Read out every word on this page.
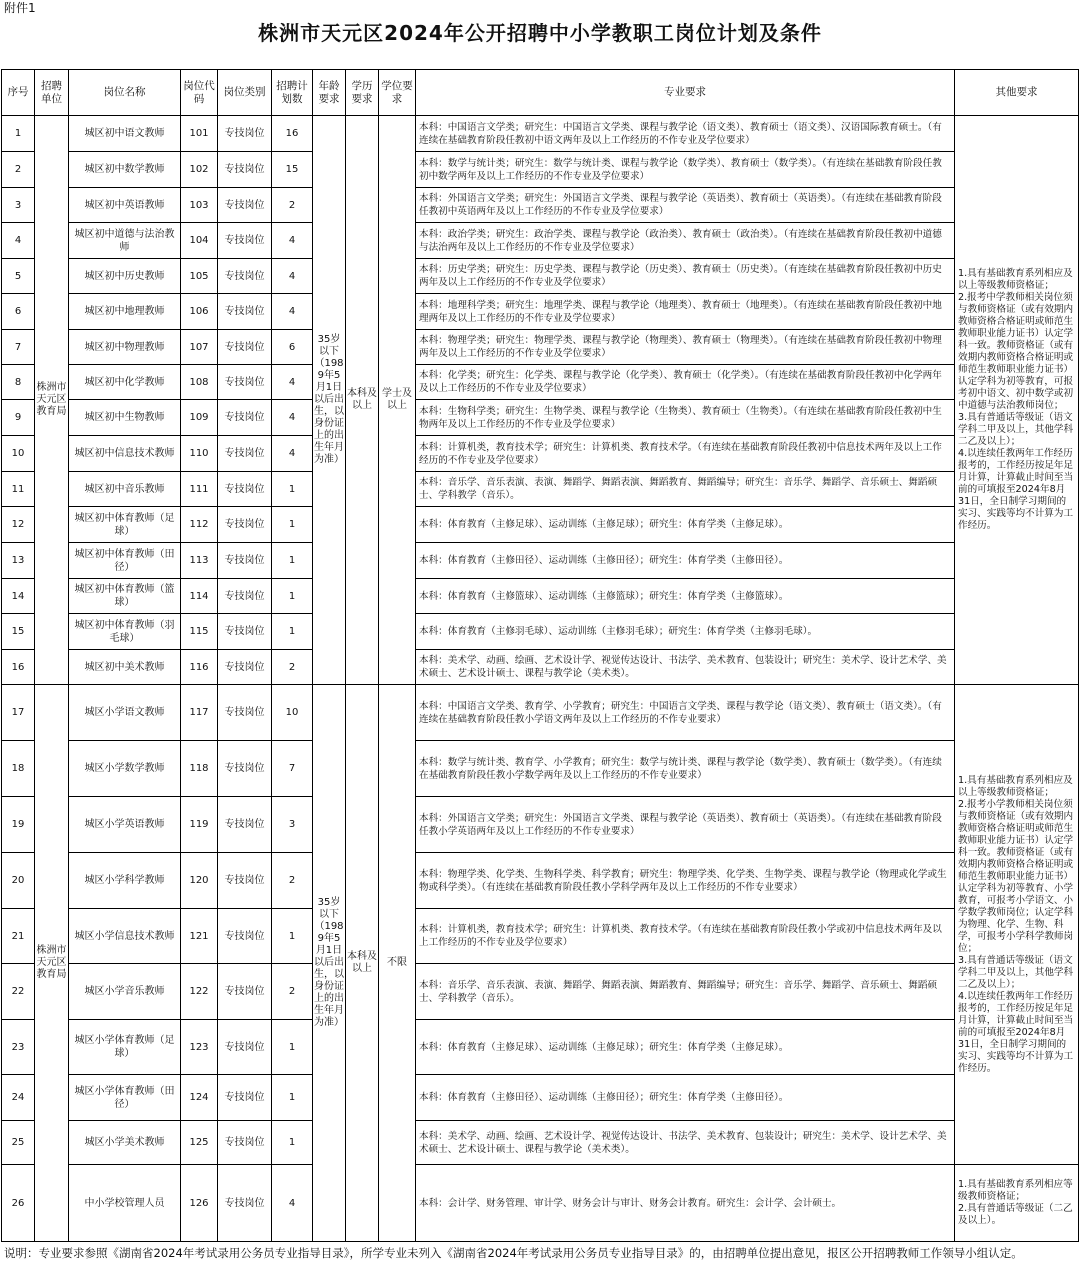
附件1
株洲市天元区2024年公开招聘中小学教职工岗位计划及条件
序号	招聘单位	岗位名称	岗位代码	岗位类别	招聘计划数	年龄要求	学历要求	学位要求	专业要求	其他要求
1	株洲市天元区教育局	城区初中语文教师	101	专技岗位	16	35岁以下（1989年5月1日以后出生，以身份证上的出生年月为准）	本科及以上	学士及以上	本科：中国语言文学类；研究生：中国语言文学类、课程与教学论（语文类）、教育硕士（语文类）、汉语国际教育硕士。（有连续在基础教育阶段任教初中语文两年及以上工作经历的不作专业及学位要求）	1.具有基础教育系列相应及以上等级教师资格证；
2.报考中学教师相关岗位须与教师资格证（或有效期内教师资格合格证明或师范生教师职业能力证书）认定学科一致。教师资格证（或有效期内教师资格合格证明或师范生教师职业能力证书）认定学科为初等教育，可报考初中语文、初中数学或初中道德与法治教师岗位；
3.具有普通话等级证（语文学科二甲及以上，其他学科二乙及以上）；
4.以连续任教两年工作经历报考的，工作经历按足年足月计算，计算截止时间至当前的可填报至2024年8月31日，全日制学习期间的实习、实践等均不计算为工作经历。
2		城区初中数学教师	102	专技岗位	15				本科：数学与统计类；研究生：数学与统计类、课程与教学论（数学类）、教育硕士（数学类）。（有连续在基础教育阶段任教初中数学两年及以上工作经历的不作专业及学位要求）	
3		城区初中英语教师	103	专技岗位	2				本科：外国语言文学类；研究生：外国语言文学类、课程与教学论（英语类）、教育硕士（英语类）。（有连续在基础教育阶段任教初中英语两年及以上工作经历的不作专业及学位要求）	
4		城区初中道德与法治教师	104	专技岗位	4				本科：政治学类；研究生：政治学类、课程与教学论（政治类）、教育硕士（政治类）。（有连续在基础教育阶段任教初中道德与法治两年及以上工作经历的不作专业及学位要求）	
5		城区初中历史教师	105	专技岗位	4				本科：历史学类；研究生：历史学类、课程与教学论（历史类）、教育硕士（历史类）。（有连续在基础教育阶段任教初中历史两年及以上工作经历的不作专业及学位要求）	
6		城区初中地理教师	106	专技岗位	4				本科：地理科学类；研究生：地理学类、课程与教学论（地理类）、教育硕士（地理类）。（有连续在基础教育阶段任教初中地理两年及以上工作经历的不作专业及学位要求）	
7		城区初中物理教师	107	专技岗位	6				本科：物理学类；研究生：物理学类、课程与教学论（物理类）、教育硕士（物理类）。（有连续在基础教育阶段任教初中物理两年及以上工作经历的不作专业及学位要求）	
8		城区初中化学教师	108	专技岗位	4				本科：化学类；研究生：化学类、课程与教学论（化学类）、教育硕士（化学类）。（有连续在基础教育阶段任教初中化学两年及以上工作经历的不作专业及学位要求）	
9		城区初中生物教师	109	专技岗位	4				本科：生物科学类；研究生：生物学类、课程与教学论（生物类）、教育硕士（生物类）。（有连续在基础教育阶段任教初中生物两年及以上工作经历的不作专业及学位要求）	
10		城区初中信息技术教师	110	专技岗位	4				本科：计算机类，教育技术学；研究生：计算机类、教育技术学。（有连续在基础教育阶段任教初中信息技术两年及以上工作经历的不作专业及学位要求）	
11		城区初中音乐教师	111	专技岗位	1				本科：音乐学、音乐表演、表演、舞蹈学、舞蹈表演、舞蹈教育、舞蹈编导；研究生：音乐学、舞蹈学、音乐硕士、舞蹈硕士、学科教学（音乐）。	
12		城区初中体育教师（足球）	112	专技岗位	1				本科：体育教育（主修足球）、运动训练（主修足球）；研究生：体育学类（主修足球）。	
13		城区初中体育教师（田径）	113	专技岗位	1				本科：体育教育（主修田径）、运动训练（主修田径）；研究生：体育学类（主修田径）。	
14		城区初中体育教师（篮球）	114	专技岗位	1				本科：体育教育（主修篮球）、运动训练（主修篮球）；研究生：体育学类（主修篮球）。	
15		城区初中体育教师（羽毛球）	115	专技岗位	1				本科：体育教育（主修羽毛球）、运动训练（主修羽毛球）；研究生：体育学类（主修羽毛球）。	
16		城区初中美术教师	116	专技岗位	2				本科：美术学、动画、绘画、艺术设计学、视觉传达设计、书法学、美术教育、包装设计；研究生：美术学、设计艺术学、美术硕士、艺术设计硕士、课程与教学论（美术类）。	
17	株洲市天元区教育局	城区小学语文教师	117	专技岗位	10	35岁以下（1989年5月1日以后出生，以身份证上的出生年月为准）	本科及以上	不限	本科：中国语言文学类、教育学、小学教育；研究生：中国语言文学类、课程与教学论（语文类）、教育硕士（语文类）。（有连续在基础教育阶段任教小学语文两年及以上工作经历的不作专业要求）	1.具有基础教育系列相应及以上等级教师资格证；
2.报考小学教师相关岗位须与教师资格证（或有效期内教师资格合格证明或师范生教师职业能力证书）认定学科一致。教师资格证（或有效期内教师资格合格证明或师范生教师职业能力证书）认定学科为初等教育、小学教育，可报考小学语文、小学数学教师岗位；认定学科为物理、化学、生物、科学，可报考小学科学教师岗位；
3.具有普通话等级证（语文学科二甲及以上，其他学科二乙及以上）；
4.以连续任教两年工作经历报考的，工作经历按足年足月计算，计算截止时间至当前的可填报至2024年8月31日，全日制学习期间的实习、实践等均不计算为工作经历。
18		城区小学数学教师	118	专技岗位	7				本科：数学与统计类、教育学、小学教育；研究生：数学与统计类、课程与教学论（数学类）、教育硕士（数学类）。（有连续在基础教育阶段任教小学数学两年及以上工作经历的不作专业要求）	
19		城区小学英语教师	119	专技岗位	3				本科：外国语言文学类；研究生：外国语言文学类、课程与教学论（英语类）、教育硕士（英语类）。（有连续在基础教育阶段任教小学英语两年及以上工作经历的不作专业要求）	
20		城区小学科学教师	120	专技岗位	2				本科：物理学类、化学类、生物科学类、科学教育；研究生：物理学类、化学类、生物学类、课程与教学论（物理或化学或生物或科学类）。（有连续在基础教育阶段任教小学科学两年及以上工作经历的不作专业要求）	
21		城区小学信息技术教师	121	专技岗位	1				本科：计算机类，教育技术学；研究生：计算机类、教育技术学。（有连续在基础教育阶段任教小学或初中信息技术两年及以上工作经历的不作专业及学位要求）	
22		城区小学音乐教师	122	专技岗位	2				本科：音乐学、音乐表演、表演、舞蹈学、舞蹈表演、舞蹈教育、舞蹈编导；研究生：音乐学、舞蹈学、音乐硕士、舞蹈硕士、学科教学（音乐）。	
23		城区小学体育教师（足球）	123	专技岗位	1				本科：体育教育（主修足球）、运动训练（主修足球）；研究生：体育学类（主修足球）。	
24		城区小学体育教师（田径）	124	专技岗位	1				本科：体育教育（主修田径）、运动训练（主修田径）；研究生：体育学类（主修田径）。	
25		城区小学美术教师	125	专技岗位	1				本科：美术学、动画、绘画、艺术设计学、视觉传达设计、书法学、美术教育、包装设计；研究生：美术学、设计艺术学、美术硕士、艺术设计硕士、课程与教学论（美术类）。	
26		中小学校管理人员	126	专技岗位	4				本科：会计学、财务管理、审计学、财务会计与审计、财务会计教育。研究生：会计学、会计硕士。	1.具有基础教育系列相应等级教师资格证；
2.具有普通话等级证（二乙及以上）。
说明：专业要求参照《湖南省2024年考试录用公务员专业指导目录》，所学专业未列入《湖南省2024年考试录用公务员专业指导目录》的，由招聘单位提出意见，报区公开招聘教师工作领导小组认定。
